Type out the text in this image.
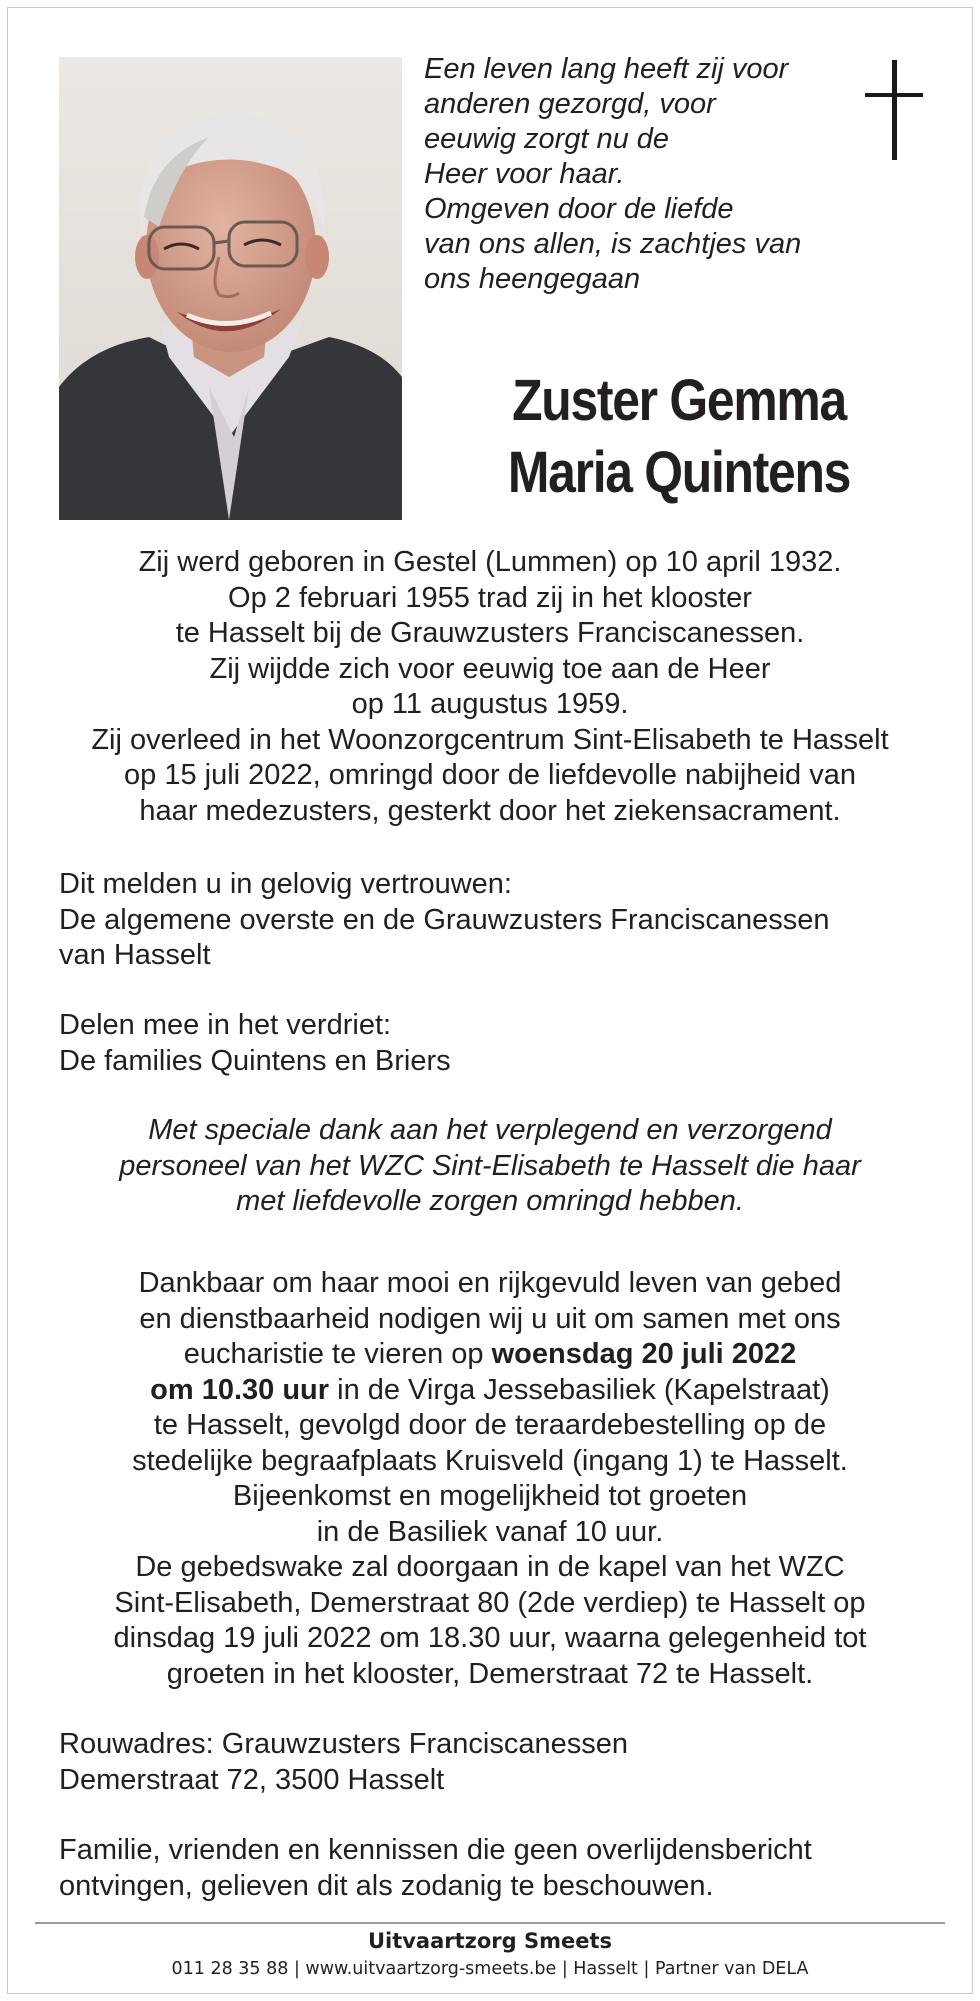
Een leven lang heeft zij voor
anderen gezorgd, voor
eeuwig zorgt nu de
Heer voor haar.
Omgeven door de liefde
van ons allen, is zachtjes van
ons heengegaan
Zuster Gemma
Maria Quintens
Zij werd geboren in Gestel (Lummen) op 10 april 1932.
Op 2 februari 1955 trad zij in het klooster
te Hasselt bij de Grauwzusters Franciscanessen.
Zij wijdde zich voor eeuwig toe aan de Heer
op 11 augustus 1959.
Zij overleed in het Woonzorgcentrum Sint-Elisabeth te Hasselt
op 15 juli 2022, omringd door de liefdevolle nabijheid van
haar medezusters, gesterkt door het ziekensacrament.
Dit melden u in gelovig vertrouwen:
De algemene overste en de Grauwzusters Franciscanessen
van Hasselt
Delen mee in het verdriet:
De families Quintens en Briers
Met speciale dank aan het verplegend en verzorgend
personeel van het WZC Sint-Elisabeth te Hasselt die haar
met liefdevolle zorgen omringd hebben.
Dankbaar om haar mooi en rijkgevuld leven van gebed
en dienstbaarheid nodigen wij u uit om samen met ons
eucharistie te vieren op woensdag 20 juli 2022
om 10.30 uur in de Virga Jessebasiliek (Kapelstraat)
te Hasselt, gevolgd door de teraardebestelling op de
stedelijke begraafplaats Kruisveld (ingang 1) te Hasselt.
Bijeenkomst en mogelijkheid tot groeten
in de Basiliek vanaf 10 uur.
De gebedswake zal doorgaan in de kapel van het WZC
Sint-Elisabeth, Demerstraat 80 (2de verdiep) te Hasselt op
dinsdag 19 juli 2022 om 18.30 uur, waarna gelegenheid tot
groeten in het klooster, Demerstraat 72 te Hasselt.
Rouwadres: Grauwzusters Franciscanessen
Demerstraat 72, 3500 Hasselt
Familie, vrienden en kennissen die geen overlijdensbericht
ontvingen, gelieven dit als zodanig te beschouwen.
Uitvaartzorg Smeets
011 28 35 88 | www.uitvaartzorg-smeets.be | Hasselt | Partner van DELA
